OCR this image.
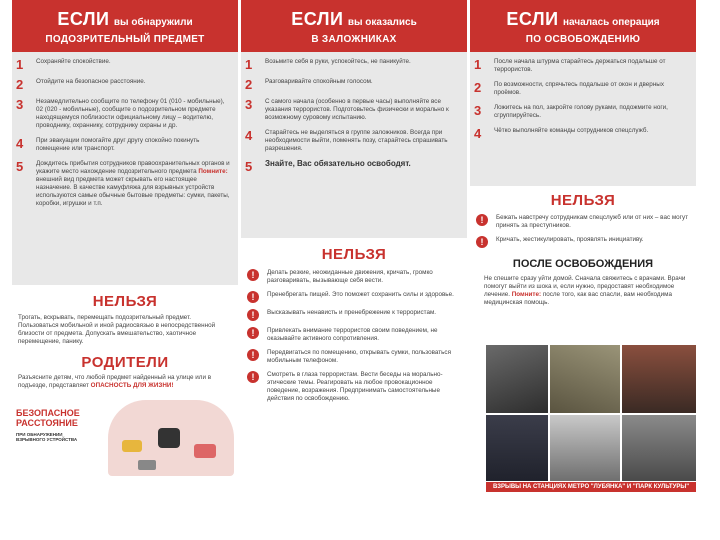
ЕСЛИ вы обнаружили
ПОДОЗРИТЕЛЬНЫЙ ПРЕДМЕТ
1	Сохраняйте спокойствие.
2	Отойдите на безопасное расстояние.
3	Незамедлительно сообщите по телефону 01 (010 - мобильные), 02 (020 - мобильные), сообщите о подозрительном предмете находящемуся поблизости официальному лицу – водителю, проводнику, охраннику, сотруднику охраны и др.
4	При эвакуации помогайте друг другу спокойно покинуть помещение или транспорт.
5	Дождитесь прибытия сотрудников правоохранительных органов и укажите место нахождение подозрительного предмета Помните: внешний вид предмета может скрывать его настоящее назначение. В качестве камуфляжа для взрывных устройств используются самые обычные бытовые предметы: сумки, пакеты, коробки, игрушки и т.п.
НЕЛЬЗЯ
Трогать, вскрывать, перемещать подозрительный предмет. Пользоваться мобильной и иной радиосвязью в непосредственной близости от предмета. Допускать вмешательство, хаотичное перемещение, панику.
РОДИТЕЛИ
Разъясните детям, что любой предмет найденный на улице или в подъезде, представляет ОПАСНОСТЬ ДЛЯ ЖИЗНИ!
БЕЗОПАСНОЕ
РАССТОЯНИЕ
ПРИ ОБНАРУЖЕНИИ
ВЗРЫВНОГО УСТРОЙСТВА
ЕСЛИ вы оказались
В ЗАЛОЖНИКАХ
1	Возьмите себя в руки, успокойтесь, не паникуйте.
2	Разговаривайте спокойным голосом.
3	С самого начала (особенно в первые часы) выполняйте все указания террористов. Подготовьтесь физически и морально к возможному суровому испытанию.
4	Старайтесь не выделяться в группе заложников. Всегда при необходимости выйти, поменять позу, старайтесь спрашивать разрешения.
5	Знайте, Вас обязательно освободят.
НЕЛЬЗЯ
!	Делать резкие, неожиданные движения, кричать, громко разговаривать, вызывающе себя вести.
!	Пренебрегать пищей. Это поможет сохранить силы и здоровье.
!	Высказывать ненависть и пренебрежение к террористам.
!	Привлекать внимание террористов своим поведением, не оказывайте активного сопротивления.
!	Передвигаться по помещению, открывать сумки, пользоваться мобильным телефоном.
!	Смотреть в глаза террористам. Вести беседы на морально-этические темы. Реагировать на любое провокационное поведение, возражения. Предпринимать самостоятельные действия по освобождению.
ЕСЛИ началась операция
ПО ОСВОБОЖДЕНИЮ
1	После начала штурма старайтесь держаться подальше от террористов.
2	По возможности, спрячьтесь подальше от окон и дверных проёмов.
3	Ложитесь на пол, закройте голову руками, подожмите ноги, сгруппируйтесь.
4	Чётко выполняйте команды сотрудников спецслужб.
НЕЛЬЗЯ
!	Бежать навстречу сотрудникам спецслужб или от них – вас могут принять за преступников.
!	Кричать, жестикулировать, проявлять инициативу.
ПОСЛЕ ОСВОБОЖДЕНИЯ
Не спешите сразу уйти домой. Сначала свяжитесь с врачами. Врачи помогут выйти из шока и, если нужно, предоставят необходимое лечение. Помните: после того, как вас спасли, вам необходима медицинская помощь.
ВЗРЫВЫ НА СТАНЦИЯХ МЕТРО "ЛУБЯНКА" И "ПАРК КУЛЬТУРЫ"
